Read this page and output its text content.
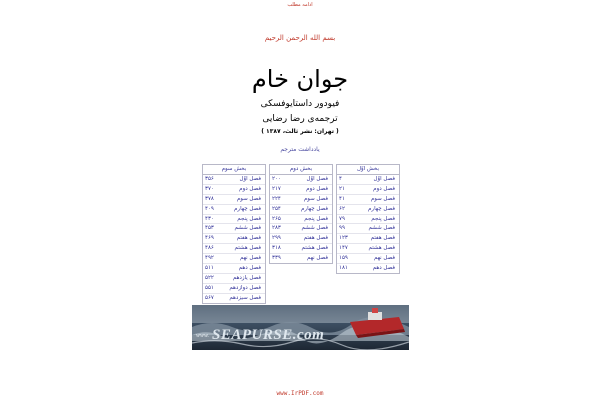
ادامه مطلب
بسم الله الرحمن الرحیم
جوان خام
فیودور داستایوفسکی
ترجمه‌ی رضا رضایی
( تهران: نشر ثالث، ۱۳۸۷ )
یادداشت مترجم
بخش اوّل
فصل اوّل
۴
فصل دوم
۲۱
فصل سوم
۴۱
فصل چهارم
۶۲
فصل پنجم
۷۹
فصل ششم
۹۹
فصل هفتم
۱۲۳
فصل هشتم
۱۴۷
فصل نهم
۱۵۹
فصل دهم
۱۸۱
بخش دوم
فصل اوّل
۲۰۰
فصل دوم
۲۱۷
فصل سوم
۲۲۴
فصل چهارم
۲۵۴
فصل پنجم
۲۶۵
فصل ششم
۲۸۳
فصل هفتم
۲۹۹
فصل هشتم
۳۱۸
فصل نهم
۳۳۹
بخش سوم
فصل اوّل
۳۵۶
فصل دوم
۳۷۰
فصل سوم
۳۷۸
فصل چهارم
۴۰۹
فصل پنجم
۴۳۰
فصل ششم
۴۵۳
فصل هفتم
۴۶۹
فصل هشتم
۴۸۶
فصل نهم
۴۹۲
فصل دهم
۵۱۱
فصل یازدهم
۵۲۲
فصل دوازدهم
۵۵۱
فصل سیزدهم
۵۶۷
www. SEAPURSE.com
www.IrPDF.com
